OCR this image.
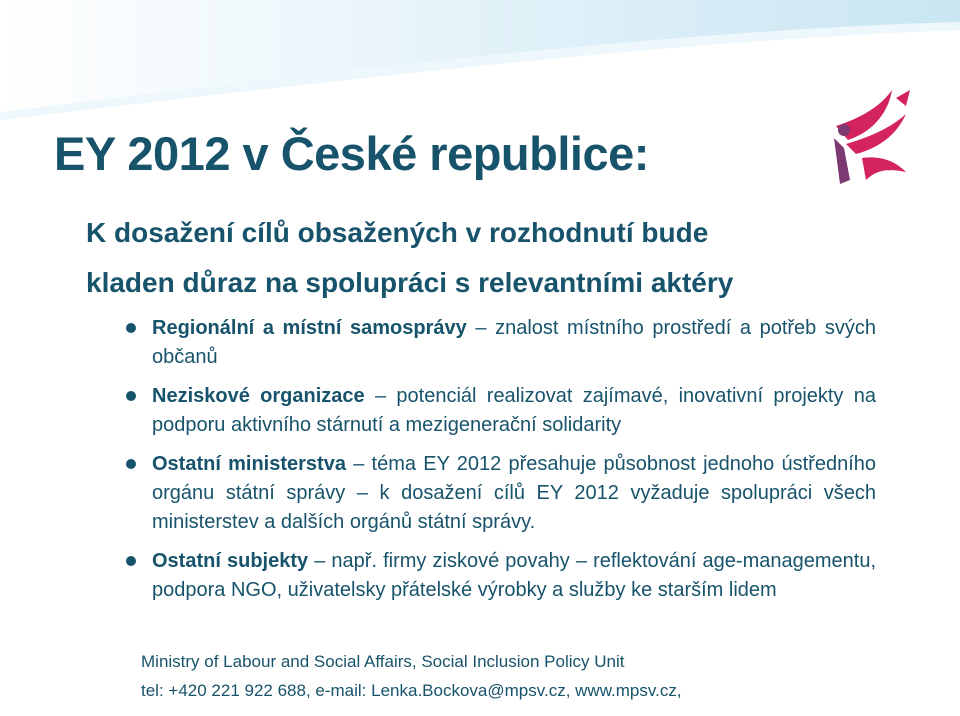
EY 2012 v České republice:

K dosažení cílů obsažených v rozhodnutí bude
kladen důraz na spolupráci s relevantními aktéry

Regionální a místní samosprávy – znalost místního prostředí a potřeb svých občanů
Neziskové organizace – potenciál realizovat zajímavé, inovativní projekty na podporu aktivního stárnutí a mezigenerační solidarity
Ostatní ministerstva – téma EY 2012 přesahuje působnost jednoho ústředního orgánu státní správy – k dosažení cílů EY 2012 vyžaduje spolupráci všech ministerstev a dalších orgánů státní správy.
Ostatní subjekty – např. firmy ziskové povahy – reflektování age-managementu, podpora NGO, uživatelsky přátelské výrobky a služby ke starším lidem

Ministry of Labour and Social Affairs, Social Inclusion Policy Unit
tel: +420 221 922 688, e-mail: Lenka.Bockova@mpsv.cz, www.mpsv.cz,
